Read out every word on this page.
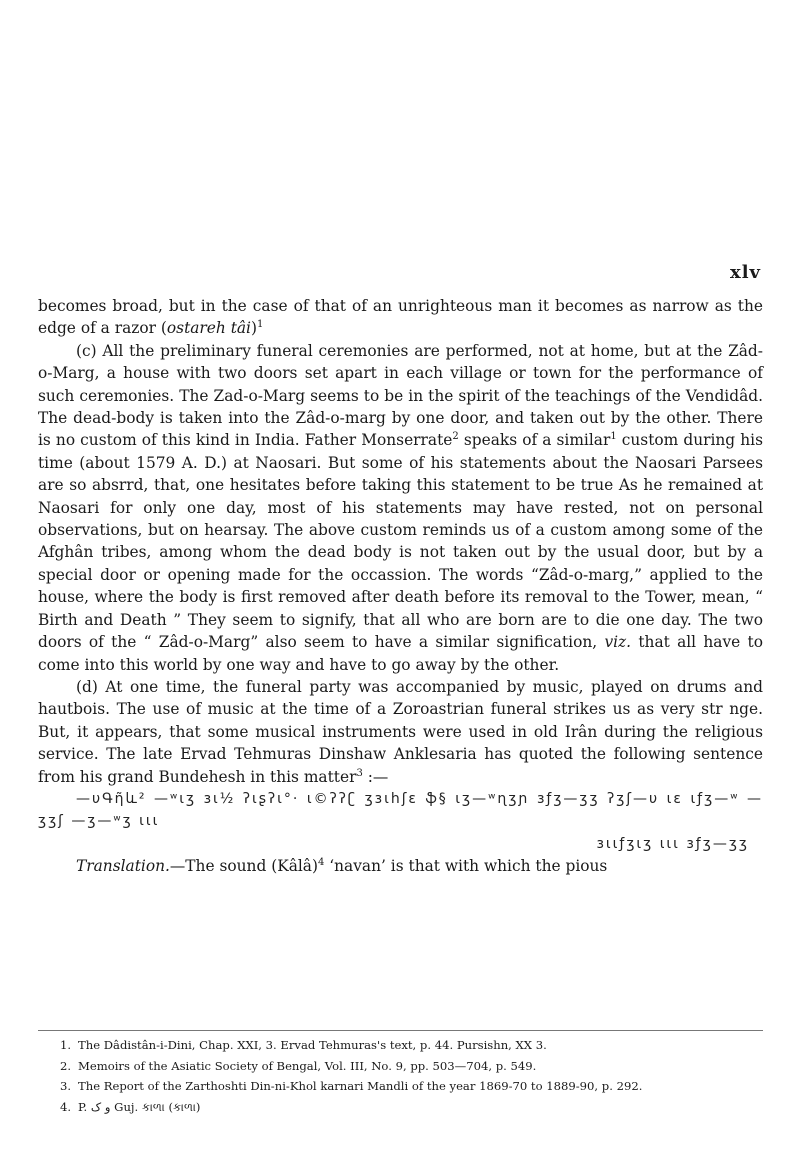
xlv

becomes broad, but in the case of that of an unrighteous man it becomes as narrow as the edge of a razor (ostareh tâi)$^1$

(c) All the preliminary funeral ceremonies are performed, not at home, but at the Zâd-o-Marg, a house with two doors set apart in each village or town for the performance of such ceremonies. The Zad-o-Marg seems to be in the spirit of the teachings of the Vendidâd. The dead-body is taken into the Zâd-o-marg by one door, and taken out by the other. There is no custom of this kind in India. Father Monserrate$^2$ speaks of a similar$^1$ custom during his time (about 1579 A. D.) at Naosari. But some of his statements about the Naosari Parsees are so absrrd, that, one hesitates before taking this statement to be true As he remained at Naosari for only one day, most of his statements may have rested, not on personal observations, but on hearsay. The above custom reminds us of a custom among some of the Afghân tribes, among whom the dead body is not taken out by the usual door, but by a special door or opening made for the occassion. The words “Zâd-o-marg,” applied to the house, where the body is first removed after death before its removal to the Tower, mean, “ Birth and Death ” They seem to signify, that all who are born are to die one day. The two doors of the “ Zâd-o-Marg” also seem to have a similar signification, viz. that all have to come into this world by one way and have to go away by the other.

(d) At one time, the funeral party was accompanied by music, played on drums and hautbois. The use of music at the time of a Zoroastrian funeral strikes us as very str nge. But, it appears, that some musical instruments were used in old Irân during the religious service. The late Ervad Tehmuras Dinshaw Anklesaria has quoted the following sentence from his grand Bundehesh in this matter$^3$ :—

—υԳῆև² —ʷιʒ зι½ ʔɩʂʔι°· ι©ʔʔʗ ʒзιհʃε ֆ§ ιʒ—ʷɳʒɲ зƒʒ—ʒʒ ʔʒʃ—υ ιε ιƒʒ—ʷ —ʒʒʃ —ʒ—ʷʒ ιιι

зιιƒʒιʒ ιιι зƒʒ—ʒʒ

Translation.—The sound (Kâlâ)$^4$ ‘navan’ is that with which the pious

1. The Dâdistân-i-Dini, Chap. XXI, 3. Ervad Tehmuras's text, p. 44. Pursishn, XX 3.
2. Memoirs of the Asiatic Society of Bengal, Vol. III, No. 9, pp. 503—704, p. 549.
3. The Report of the Zarthoshti Din-ni-Khol karnari Mandli of the year 1869-70 to 1889-90, p. 292.
4. P. و ک Guj. કાળા (કાળા)
